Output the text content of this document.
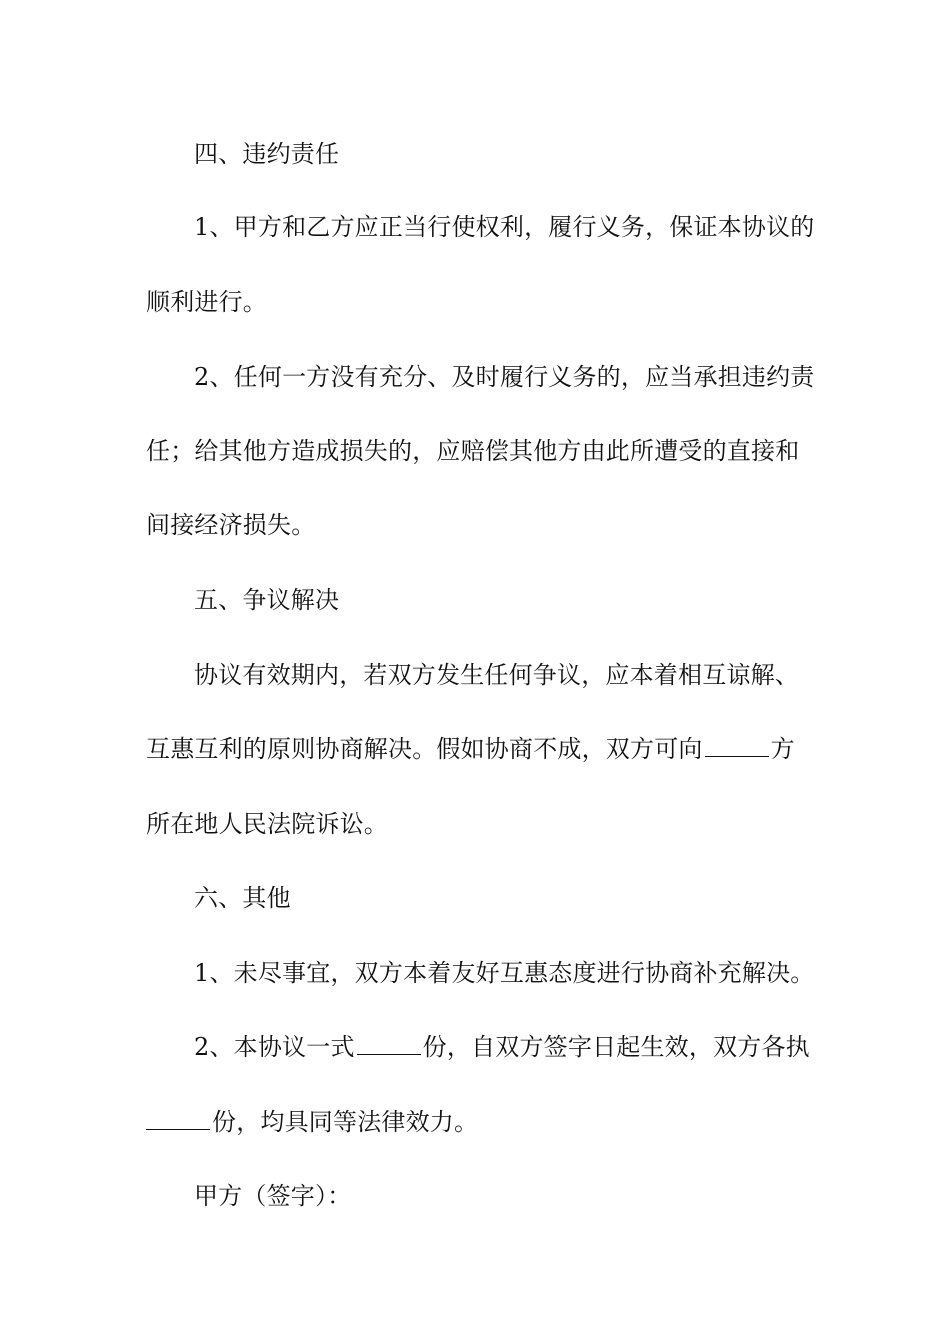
四、违约责任
1、甲方和乙方应正当行使权利，履行义务，保证本协议的
顺利进行。
2、任何一方没有充分、及时履行义务的，应当承担违约责
任；给其他方造成损失的，应赔偿其他方由此所遭受的直接和
间接经济损失。
五、争议解决
协议有效期内，若双方发生任何争议，应本着相互谅解、
互惠互利的原则协商解决。假如协商不成，双方可向	方
所在地人民法院诉讼。
六、其他
1、未尽事宜，双方本着友好互惠态度进行协商补充解决。
2、本协议一式	份，自双方签字日起生效，双方各执
份，均具同等法律效力。
甲方（签字）：
